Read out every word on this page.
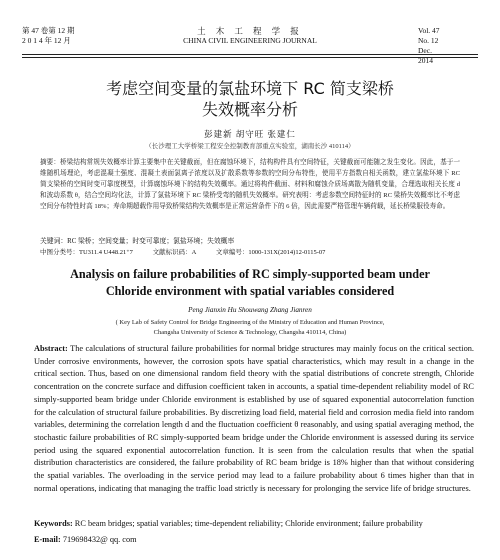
第 47 卷第 12 期
2 0 1 4 年 12 月
土 木 工 程 学 报
CHINA CIVIL ENGINEERING JOURNAL
Vol. 47No. 12
Dec.2014
考虑空间变量的氯盐环境下 RC 简支梁桥
失效概率分析
彭建新 胡守旺 张建仁
（长沙理工大学桥梁工程安全控制教育部重点实验室，湖南长沙 410114）
摘要：桥梁结构常规失效概率计算主要集中在关键截面，但在腐蚀环境下，结构构件具有空间特征，关键截面可能随之发生变化。因此，基于一维随机场理论，考虑混凝土强度、混凝土表面氯离子浓度以及扩散系数等参数的空间分布特性，使用平方指数自相关函数，建立氯盐环境下 RC 简支梁桥的空间时变可靠度模型，计算腐蚀环境下的结构失效概率。通过将构件截面、材料和腐蚀介质场离散为随机变量，合理选取相关长度 d 和波动系数 θ，结合空间均化法，计算了氯盐环境下 RC 梁桥受弯的随机失效概率。研究表明：考虑参数空间特征时的 RC 梁桥失效概率比不考虑空间分布特性时高 18%；寿命期超载作用导致桥梁结构失效概率是正常运营条件下的 6 倍，因此需要严格管理车辆荷载，延长桥梁服役寿命。
关键词：RC 梁桥；空间变量；时变可靠度；氯盐环境；失效概率
中图分类号：TU311.4 U448.21⁺7	文献标识码：A	文章编号：1000-131X(2014)12-0115-07
Analysis on failure probabilities of RC simply-supported beam under
Chloride environment with spatial variables considered
Peng Jianxin Hu Shouwang Zhang Jianren
( Key Lab of Safety Control for Bridge Engineering of the Ministry of Education and Human Province,
Changsha University of Science & Technology, Changsha 410114, China)
Abstract: The calculations of structural failure probabilities for normal bridge structures may mainly focus on the critical section. Under corrosive environments, however, the corrosion spots have spatial characteristics, which may result in a change in the critical section. Thus, based on one dimensional random field theory with the spatial distributions of concrete strength, Chloride concentration on the concrete surface and diffusion coefficient taken in accounts, a spatial time-dependent reliability model of RC simply-supported beam bridge under Chloride environment is established by use of squared exponential autocorrelation function for the calculation of structural failure probabilities. By discretizing load field, material field and corrosion media field into random variables, determining the correlation length d and the fluctuation coefficient θ reasonably, and using spatial averaging method, the stochastic failure probabilities of RC simply-supported beam bridge under the Chloride environment is assessed during its service period using the squared exponential autocorrelation function. It is seen from the calculation results that when the spatial distribution characteristics are considered, the failure probability of RC beam bridge is 18% higher than that without considering the spatial variables. The overloading in the service period may lead to a failure probability about 6 times higher than that in normal operations, indicating that managing the traffic load strictly is necessary for prolonging the service life of bridge structures.
Keywords: RC beam bridges; spatial variables; time-dependent reliability; Chloride environment; failure probability
E-mail: 719698432@ qq. com
